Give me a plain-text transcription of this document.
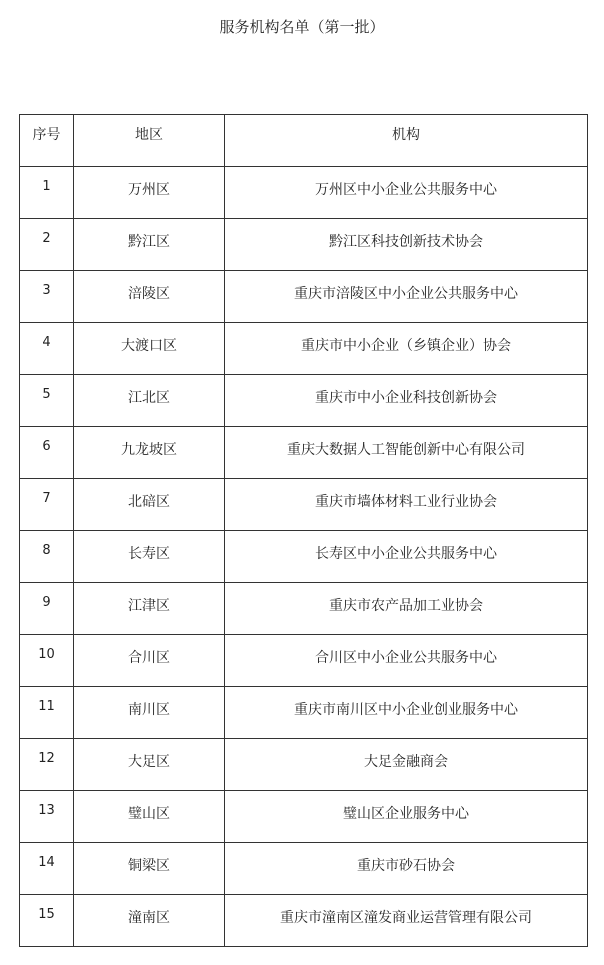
服务机构名单（第一批）
序号	地区	机构
1	万州区	万州区中小企业公共服务中心
2	黔江区	黔江区科技创新技术协会
3	涪陵区	重庆市涪陵区中小企业公共服务中心
4	大渡口区	重庆市中小企业（乡镇企业）协会
5	江北区	重庆市中小企业科技创新协会
6	九龙坡区	重庆大数据人工智能创新中心有限公司
7	北碚区	重庆市墙体材料工业行业协会
8	长寿区	长寿区中小企业公共服务中心
9	江津区	重庆市农产品加工业协会
10	合川区	合川区中小企业公共服务中心
11	南川区	重庆市南川区中小企业创业服务中心
12	大足区	大足金融商会
13	璧山区	璧山区企业服务中心
14	铜梁区	重庆市砂石协会
15	潼南区	重庆市潼南区潼发商业运营管理有限公司
